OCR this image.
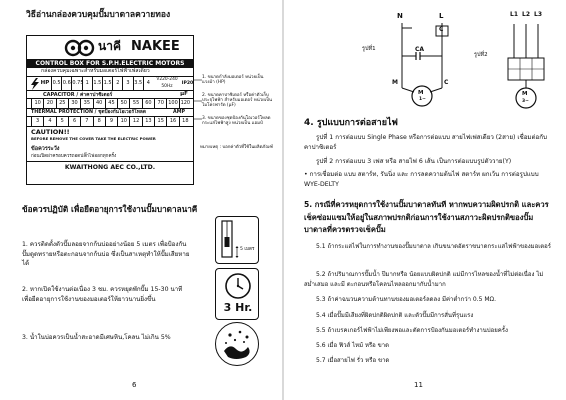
วิธีอ่านกล่องควบคุมปั๊มบาดาลควายทอง
นาคี NAKEE
CONTROL BOX FOR S.P.H.ELECTRIC MOTORS
กล่องควบคุมเฉพาะสำหรับมอเตอร์ไฟฟ้าเฟสเดียว
HP 0.5 0.6 0.75 1 1.5 1.5 2	3 3.5 4
V220-240
50Hz	IP20
CAPACITOR / ค่าคาปาซิเตอร์	µF
10	20	25	30	35	40	45	50	55	60	70 100 120
THERMAL PROTECTION / ชุดป้องกันโอเวอร์โหลด	AMP
3	4	5	6	7	8	9	10	12	13	15	16	18
CAUTION!!
BEFORE REMOVE THE COVER TAKE THE ELECTRIC POWER
ข้อควรระวัง
ก่อนเปิดฝาครอบควรถอดปลั๊กไฟออกทุกครั้ง
KWAITHONG AEC CO.,LTD.
1. ขนาดกำลังมอเตอร์ หน่วยเป็น แรงม้า (HP)
2. ขนาดคาปาซิเตอร์ หรือค่าตัวเก็บประจุไฟฟ้า สำหรับมอเตอร์ หน่วยเป็น ไมโครฟารัด (µF)
3. ขนาดของชุดป้องกันโอเวอร์โหลด กระแสไฟฟ้าสูง หน่วยเป็น แอมป์
หมายเหตุ : บอกค่าตัวที่ใช้ในผลิตภัณฑ์
ข้อควรปฏิบัติ เพื่อยืดอายุการใช้งานปั๊มบาดาลนาคี
1. ควรติดตั้งตัวปั๊มลอยจากก้นบ่ออย่างน้อย 5 เมตร เพื่อป้องกันปั๊มดูดทรายหรือตะกอนจากก้นบ่อ ซึ่งเป็นสาเหตุทำให้ปั๊มเสียหายได้
2. หากเปิดใช้งานต่อเนื่อง 3 ชม. ควรหยุดพักปั๊ม 15-30 นาที เพื่อยืดอายุการใช้งานของมอเตอร์ให้ยาวนานยิ่งขึ้น
3. น้ำในบ่อควรเป็นน้ำสะอาดมีเศษหิน,โคลน ไม่เกิน 5%
5 เมตร
3 Hr.
6
N	L
C
CA
M	C
M
1~
รูปที่1
L1 L2 L3
M
3~
รูปที่2
4. รูปแบบการต่อสายไฟ
รูปที่ 1 การต่อแบบ Single Phase หรือการต่อแบบ สายไฟเฟสเดียว (2สาย) เชื่อมต่อกับ คาปาซิเตอร์
รูปที่ 2 การต่อแบบ 3 เฟส หรือ สายไฟ 6 เส้น เป็นการต่อแบบรูปตัววาย(Y)
• การเชื่อมต่อ แบบ สตาร์ท, รันนิ่ง และ การลดความต้นไฟ สตาร์ท ผกเว้น การต่อรูปแบบ WYE-DELTY
5. กรณีที่ควรหยุดการใช้งานปั๊มบาดาลทันที หากพบความผิดปรกติ และควรเช็คซ่อมแซมให้อยู่ในสภาพปรกติก่อนการใช้งานสภาวะผิดปรกติของปั๊มบาดาลที่ควรตรวจเช็คปั๊ม
5.1 ถ้ากระแสไฟในการทำงานของปั๊มบาดาล เกินขนาดอัตราขนาดกระแสไฟฟ้าของมอเตอร์
5.2 ถ้าปริมาณการปั๊มน้ำ ปีมากหรือ น้อยแบบผิดปกติ แม่มีการไหลของน้ำที่ไม่ต่อเนื่อง ไม่สม่ำเสมอ และมี ตะกอนหรือโคลนไหลออกมากับน้ำมาก
5.3 ถ้าค่าฉนวนความต้านทานของมอเตอร์ลดลง มีค่าต่ำกว่า 0.5 MΩ.
5.4 เมื่อปั๊มมีเสียงที่ผิดปกติผิดปกติ และตัวปั๊มมีการสั่นที่รุนแรง
5.5 ถ้าเบรคเกอร์ไฟฟ้าไม่เพียงพอและตัดการป้องกันมอเตอร์ทำงานบ่อยครั้ง
5.6 เมื่อ ฟิวส์ ไหม้ หรือ ขาด
5.7 เมื่อสายไฟ รั่ว หรือ ขาด
11
